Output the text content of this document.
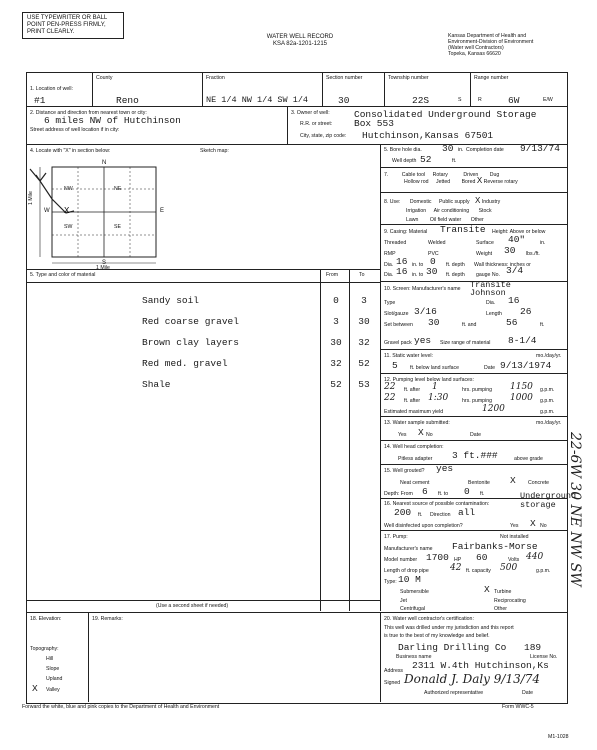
USE TYPEWRITER OR BALL
POINT PEN-PRESS FIRMLY,
PRINT CLEARLY.
WATER WELL RECORD
KSA 82a-1201-1215
Kansas Department of Health and
Environment-Division of Environment
(Water well Contractors)
Topeka, Kansas 66620
1. Location of well:
County	Fraction	Section number	Township number	Range number
#1	Reno	NE 1/4 NW 1/4 SW 1/4	30	22S	S	R	6W	E/W
2. Distance and direction from nearest town or city:
6 miles NW of Hutchinson
Street address of well location if in city:
3. Owner of well:	Consolidated Underground Storage
R.R. or street: Box 553
City, state, zip code: Hutchinson,Kansas 67501
4. Locate with "X" in section below:	Sketch map:
X
N
S
E
W
NW	NE
SW	SE
1 Mile
1 Mile
5. Type and color of material	From	To
Sandy soil	0	3
Red coarse gravel	3	30
Brown clay layers	30	32
Red med. gravel	32	52
Shale	52	53
(Use a second sheet if needed)
5. Bore hole dia. 30 in. Completion date 9/13/74
Well depth 52	ft.
7.	Cable tool Rotary	Driven Dug
Hollow rod Jetted Bored X Reverse rotary
8. Use: Domestic Public supply X Industry
Irrigation Air conditioning Stock
Lawn Oil field water Other
9. Casing: Material Transite Height: Above or below
Threaded	Welded	Surface 40"	in.
RMP	PVC	Weight 30 lbs./ft.
Dia. 16 in. to 0 ft. depth Wall thickness: inches or
Dia. 16 in. to 30 ft. depth gauge No. 3/4
10. Screen: Manufacturer's name Transite Johnson
Type	Dia. 16
Slot/gauze 3/16	Length 26
Set between 30	ft. and	56	ft.
Gravel pack yes Size range of material 8-1/4
11. Static water level:	mo./day/yr.
5 ft. below land surface	Date 9/13/1974
12. Pumping level below land surfaces:
22 ft. after 1	hrs. pumping 1150 g.p.m.
22 ft. after 1:30	hrs. pumping 1000 g.p.m.
Estimated maximum yield	1200	g.p.m.
13. Water sample submitted:	mo./day/yr.
Yes X No	Date
14. Well head completion:
Pitless adapter 3 ft.###	above grade
15. Well grouted? yes
Neat cement	Bentonite X Concrete
Depth: From 6 ft. to 0 ft.
16. Nearest source of possible contamination:
Underground storage
200 ft. Direction all
Well disinfected upon completion?	Yes X No
17. Pump:	Not installed
Manufacturer's name Fairbanks-Morse
Model number 1700 HP 60	Volts 440
Length of drop pipe 42 ft. capacity 500	g.p.m.
Type: 10 M
Submersible	X Turbine
Jet	Reciprocating
Centrifugal	Other
18. Elevation:
Topography:
Hill
Slope
Upland
X Valley
19. Remarks:	20. Water well contractor's certification:
This well was drilled under my jurisdiction and this report
is true to the best of my knowledge and belief.
Darling Drilling Co 189
Business name	License No.
2311 W.4th Hutchinson,Ks
Address
Signed Donald J. Daly 9/13/74
Authorized representative	Date
22-6W 30 NE NW SW
Forward the white, blue and pink copies to the Department of Health and Environment	Form WWC-5
M1-1028
